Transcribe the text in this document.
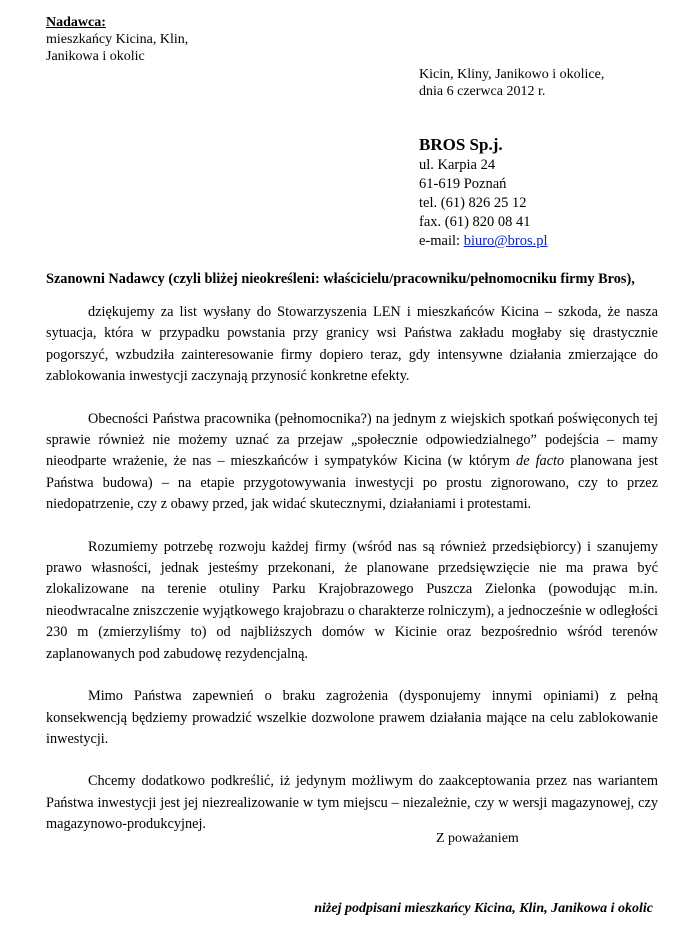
Nadawca:
mieszkańcy Kicina, Klin,
Janikowa i okolic
Kicin, Kliny, Janikowo i okolice,
dnia 6 czerwca 2012 r.
BROS Sp.j.
ul. Karpia 24
61-619 Poznań
tel. (61) 826 25 12
fax. (61) 820 08 41
e-mail: biuro@bros.pl
Szanowni Nadawcy (czyli bliżej nieokreśleni: właścicielu/pracowniku/pełnomocniku firmy Bros),

dziękujemy za list wysłany do Stowarzyszenia LEN i mieszkańców Kicina – szkoda, że nasza sytuacja, która w przypadku powstania przy granicy wsi Państwa zakładu mogłaby się drastycznie pogorszyć, wzbudziła zainteresowanie firmy dopiero teraz, gdy intensywne działania zmierzające do zablokowania inwestycji zaczynają przynosić konkretne efekty.

Obecności Państwa pracownika (pełnomocnika?) na jednym z wiejskich spotkań poświęconych tej sprawie również nie możemy uznać za przejaw „społecznie odpowiedzialnego” podejścia – mamy nieodparte wrażenie, że nas – mieszkańców i sympatyków Kicina (w którym de facto planowana jest Państwa budowa) – na etapie przygotowywania inwestycji po prostu zignorowano, czy to przez niedopatrzenie, czy z obawy przed, jak widać skutecznymi, działaniami i protestami.

Rozumiemy potrzebę rozwoju każdej firmy (wśród nas są również przedsiębiorcy) i szanujemy prawo własności, jednak jesteśmy przekonani, że planowane przedsięwzięcie nie ma prawa być zlokalizowane na terenie otuliny Parku Krajobrazowego Puszcza Zielonka (powodując m.in. nieodwracalne zniszczenie wyjątkowego krajobrazu o charakterze rolniczym), a jednocześnie w odległości 230 m (zmierzyliśmy to) od najbliższych domów w Kicinie oraz bezpośrednio wśród terenów zaplanowanych pod zabudowę rezydencjalną.

Mimo Państwa zapewnień o braku zagrożenia (dysponujemy innymi opiniami) z pełną konsekwencją będziemy prowadzić wszelkie dozwolone prawem działania mające na celu zablokowanie inwestycji.

Chcemy dodatkowo podkreślić, iż jedynym możliwym do zaakceptowania przez nas wariantem Państwa inwestycji jest jej niezrealizowanie w tym miejscu – niezależnie, czy w wersji magazynowej, czy magazynowo-produkcyjnej.

Z poważaniem
niżej podpisani mieszkańcy Kicina, Klin, Janikowa i okolic
